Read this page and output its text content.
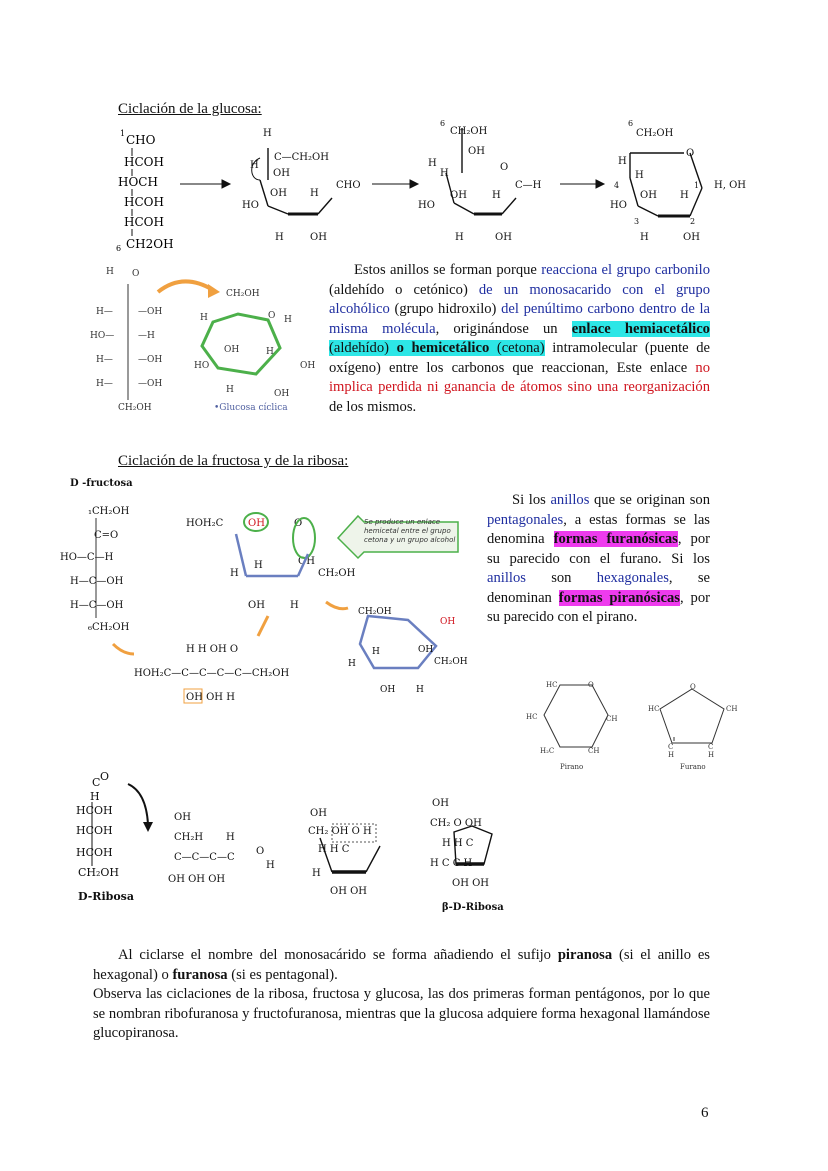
Ciclación de la glucosa:
1 CHO
HCOH
HOCH
HCOH
HCOH
6 CH2OH
H
C—CH₂OH
H
OH
OH H
CHO
HO
H	OH
6
CH₂OH
OH
H
H
O
C—H
OH	H
HO
H	OH
6
CH₂OH
O
H
H
4
OH H
1
HO
3	2
H	OH
H, OH
H O
H—	—OH
HO—	—H
H—	—OH
H—	—OH
CH₂OH
CH₂OH
O H
H
OH	H
HO	OH
H	OH
•Glucosa cíclica
Estos anillos se forman porque reacciona el grupo carbonilo (aldehído o cetónico) de un monosacarido con el grupo alcohólico (grupo hidroxilo) del penúltimo carbono dentro de la misma molécula, originándose un enlace hemiacetálico (aldehído) o hemicetálico (cetona) intramolecular (puente de oxígeno) entre los carbonos que reaccionan, Este enlace no implica perdida ni ganancia de átomos sino una reorganización de los mismos.
Ciclación de la fructosa y de la ribosa:
D -fructosa
₁CH₂OH
C=O
HO—C—H
H—C—OH
H—C—OH
₆CH₂OH
HOH₂C OH	O
H	OH
H	CH₂OH
OH	H
Se produce un enlace hemicetal entre el grupo cetona y un grupo alcohol
H H OH O
HOH₂C—C—C—C—C—CH₂OH
OH OH H
CH₂OH
OH
H	OH
CH₂OH
H
OH H
Si los anillos que se originan son pentagonales, a estas formas se las denomina formas furanósicas, por su parecido con el furano. Si los anillos son hexagonales, se denominan formas piranósicas, por su parecido con el pirano.
HC	O
HC	CH
H₂C	CH
Pirano
O
HC	CH
C	C
H	H
Furano
C O
H
HCOH
HCOH
HCOH
CH₂OH
D-Ribosa
OH
CH₂H H
C—C—C—C
O
H
OH OH OH
OH
CH₂ OH O H
H H C
H
OH OH
OH
CH₂ O OH
H H C
H C C H
OH OH
β-D-Ribosa
Al ciclarse el nombre del monosacárido se forma añadiendo el sufijo piranosa (si el anillo es hexagonal) o furanosa (si es pentagonal).
Observa las ciclaciones de la ribosa, fructosa y glucosa, las dos primeras forman pentágonos, por lo que se nombran ribofuranosa y fructofuranosa, mientras que la glucosa adquiere forma hexagonal llamándose glucopiranosa.
6
